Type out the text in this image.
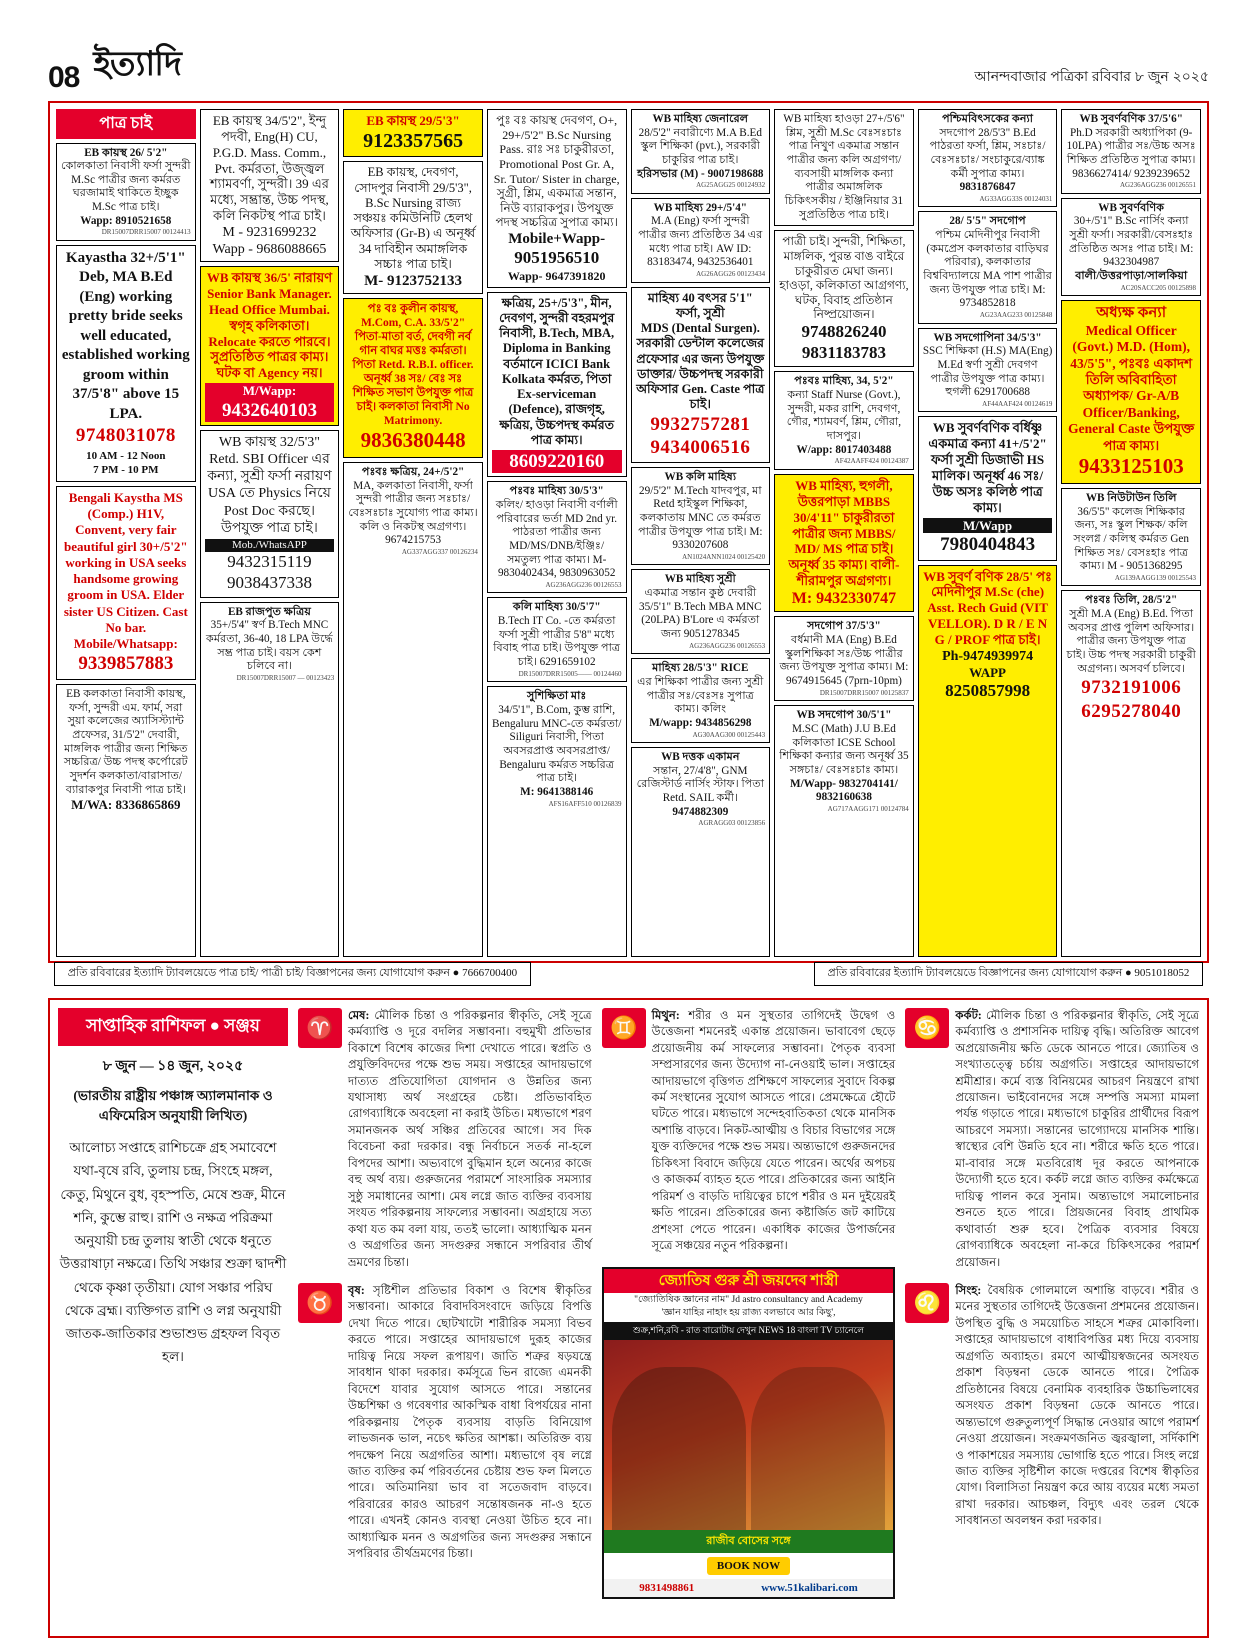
08 ইত্যাদি	আনন্দবাজার পত্রিকা রবিবার ৮ জুন ২০২৫
পাত্র চাই
EB কায়স্থ 26/ 5'2"
কোলকাতা নিবাসী ফর্সা সুন্দরী M.Sc পাত্রীর জন্য কর্মরত ঘরজামাই থাকিতে ইচ্ছুক M.Sc পাত্র চাই।
Wapp: 8910521658
DR15007DRR15007 00124413
Kayastha 32+/5'1" Deb, MA B.Ed (Eng) working pretty bride seeks well educated, established working groom within 37/5'8" above 15 LPA.
9748031078
10 AM - 12 Noon
7 PM - 10 PM
Bengali Kaystha MS (Comp.) H1V, Convent, very fair beautiful girl 30+/5'2" working in USA seeks handsome growing groom in USA. Elder sister US Citizen. Cast No bar.
Mobile/Whatsapp:
9339857883
EB কলকাতা নিবাসী কায়স্থ, ফর্সা, সুন্দরী এম. ফার্ম, সরা সুয়া কলেজের অ্যাসিস্ট্যান্ট প্রফেসর, 31/5'2" দেবারী, মাঙ্গলিক পাত্রীর জন্য শিক্ষিত সচ্চরিত্র/ উচ্চ পদস্থ কর্পোরেট সুদর্শন কলকাতা/বারাসাত/ব্যারাকপুর নিবাসী পাত্র চাই।
M/WA: 8336865869
EB কায়স্থ 34/5'2", ইন্দু পদবী, Eng(H) CU, P.G.D. Mass. Comm., Pvt. কর্মরতা, উজ্জ্বল শ্যামবর্ণা, সুন্দরী। 39 এর মধ্যে, সম্ভ্রান্ত, উচ্চ পদস্থ, কলি নিকটস্থ পাত্র চাই।
M - 9231699232
Wapp - 9686088665
WB কায়স্থ 36/5' নারায়ণ
Senior Bank Manager.
Head Office Mumbai.
স্বগৃহ কলিকাতা।
Relocate করতে পারবে।
সুপ্রতিষ্ঠিত পাত্রর কাম্য।
ঘটক বা Agency নয়।
M/Wapp:
9432640103
WB কায়স্থ 32/5'3" Retd. SBI Officer এর কন্যা, সুশ্রী ফর্সা নরায়ণ USA তে Physics নিয়ে Post Doc করছে। উপযুক্ত পাত্র চাই।
Mob./WhatsAPP
9432315119
9038437338
EB রাজপুত ক্ষত্রিয়
35+/5'4" স্বর্ণ B.Tech MNC কর্মরতা, 36-40, 18 LPA উর্দ্ধে সম্ভ্র পাত্র চাই। বয়স কেশ চলিবে না।
DR15007DRR15007 — 00123423
EB কায়স্থ 29/5'3"
9123357565
EB কায়স্থ, দেবগণ, সোদপুর নিবাসী 29/5'3", B.Sc Nursing রাজ্য সঞ্চয়ঃ কমিউনিটি হেলথ অফিসার (Gr-B) এ অনূর্ধ্ব 34 দাবিহীন অমাঙ্গলিক সচ্চাঃ পাত্র চাই।
M- 9123752133
পঃ বঃ কুলীন কায়স্থ, M.Com, C.A. 33/5'2" পিতা-মাতা বর্ত, দেবগী নর্ব গান বাঘর মত্তঃ কর্মরতা। পিতা Retd. R.B.I. officer. অনূর্ধ্ব 38 সঃ/ বেঃ সঃ শিক্ষিত সভাণ উপযুক্ত পাত্র চাই। কলকাতা নিবাসী No Matrimony.
9836380448
পঃবঃ ক্ষত্রিয়, 24+/5'2"
MA, কলকাতা নিবাসী, ফর্সা সুন্দরী পাত্রীর জন্য সঃচাঃ/ বেঃসঃচাঃ সুযোগ্য পাত্র কাম্য। কলি ও নিকটস্থ অগ্রগণ্য। 9674215753
AG337AGG337 00126234
পুঃ বঃ কায়স্থ দেবগণ, O+, 29+/5'2" B.Sc Nursing Pass. রাঃ সঃ চাকুরীরতা, Promotional Post Gr. A, Sr. Tutor/ Sister in charge, সুগ্রী, শ্লিম, একমাত্র সন্তান, নিউ ব্যারাকপুর। উপযুক্ত পদস্থ সচ্চরিত্র সুপাত্র কাম্য।
Mobile+Wapp-
9051956510
Wapp- 9647391820
ক্ষত্রিয়, 25+/5'3", মীন, দেবগণ, সুন্দরী বহরমপুর নিবাসী, B.Tech, MBA, Diploma in Banking বর্তমানে ICICI Bank Kolkata কর্মরত, পিতা Ex-serviceman (Defence), রাজগৃহ, ক্ষত্রিয়, উচ্চপদস্থ কর্মরত পাত্র কাম্য।
8609220160
পঃবঃ মাহিষ্য 30/5'3"
কলিং/ হাওড়া নিবাসী বর্ণালী পরিবারের ভর্তা MD 2nd yr. পাঠরতা পাত্রীর জন্য MD/MS/DNB/ইঞ্জিঃ/ সমতুল্য পাত্র কাম্য। M-9830402434, 9830963052
AG236AGG236 00126553
কলি মাহিষ্য 30/5'7"
B.Tech IT Co. -তে কর্মরতা ফর্সা সুশ্রী পাত্রীর 5'8" মধ্যে বিবাহ পাত্র চাই। উপযুক্ত পাত্র চাই। 6291659102
DR15007DRR15005—— 00124460
সুশিক্ষিতা মাঃ
34/5'1", B.Com, কুম্ভ রাশি, Bengaluru MNC-তে কর্মরতা/ Siliguri নিবাসী, পিতা অবসরপ্রাপ্ত অবসরপ্রাপ্ত/ Bengaluru কর্মরত সচ্চরিত্র পাত্র চাই।
M: 9641388146
AFS16AFF510 00126839
WB মাহিষ্য জেনারেল
28/5'2" নবারীণ্যে M.A B.Ed স্কুল শিক্ষিকা (pvt.), সরকারী চাকুরির পাত্র চাই।
হরিসভার (M) - 9007198688
AG25AGG25 00124932
WB মাহিষ্য 29+/5'4"
M.A (Eng) ফর্সা সুন্দরী পাত্রীর জন্য প্রতিষ্ঠিত 34 এর মধ্যে পাত্র চাই। AW ID: 83183474, 9432536401
AG26AGG26 00123434
মাহিষ্য 40 বৎসর 5'1" ফর্সা, সুশ্রী
MDS (Dental Surgen). সরকারী ডেন্টাল কলেজের প্রফেসার এর জন্য উপযুক্ত ডাক্তার/ উচ্চপদস্থ সরকারী অফিসার Gen. Caste পাত্র চাই।
9932757281
9434006516
WB কলি মাহিষ্য
29/5'2" M.Tech যাদবপুর, মা Retd হাইস্কুল শিক্ষিকা, কলকাতায় MNC তে কর্মরত পাত্রীর উপযুক্ত পাত্র চাই। M: 9330207608
AN1024ANN1024 00125420
WB মাহিষ্য সুশ্রী
একমাত্র সন্তান কুষ্ঠ দেবারী 35/5'1" B.Tech MBA MNC (20LPA) B'Lore এ কর্মরতা জন্য 9051278345
AG236AGG236 00126553
মাহিষ্য 28/5'3" RICE
এর শিক্ষিকা পাত্রীর জন্য সুশ্রী পাত্রীর সঃ/বেঃসঃ সুপাত্র কাম্য। কলিং
M/wapp: 9434856298
AG30AAG300 00125443
WB দত্তক একামন
সন্তান, 27/4'8", GNM রেজিস্টার্ড নার্সিং স্টাফ। পিতা Retd. SAIL কর্মী।
9474882309
AGRAGG03 00123856
WB মাহিষ্য হাওড়া 27+/5'6" শ্লিম, সুশ্রী M.Sc বেঃসঃচাঃ পাত্র নিখুণ একমাত্র সন্তান পাত্রীর জন্য কলি অগ্রগণ্য/ ব্যবসায়ী মাঙ্গলিক কন্যা পাত্রীর অমাঙ্গলিক চিকিৎসকীয় / ইঞ্জিনিয়ার 31 সুপ্রতিষ্ঠিত পাত্র চাই।
পাত্রী চাই। সুন্দরী, শিক্ষিতা, মাঙ্গলিক, পুরন্ত বাঙ বাইরে চাকুরীরত মেঘা জন্য। হাওড়া, কলিকাতা আগ্রগণ্য, ঘটক, বিবাহ প্রতিষ্ঠান নিষ্প্রয়োজন।
9748826240
9831183783
পঃবঃ মাহিষ্য, 34, 5'2"
কন্যা Staff Nurse (Govt.), সুন্দরী, মকর রাশি, দেবগণ, গৌর, শ্যামবর্ণ, শ্লিম, গৌরা, দাসপুর।
W/app: 8017403488
AF42AAFF424 00124387
WB মাহিষ্য, হুগলী, উত্তরপাড়া MBBS 30/4'11" চাকুরীরতা পাত্রীর জন্য MBBS/ MD/ MS পাত্র চাই। অনূর্ধ্ব 35 কাম্য। বালী-শীরামপুর অগ্রগণ্য।
M: 9432330747
সদগোপ 37/5'3"
বর্ধমানী MA (Eng) B.Ed স্কুলশিক্ষিকা সঃ/উচ্চ পাত্রীর জন্য উপযুক্ত সুপাত্র কাম্য। M: 9674915645 (7prn-10pm)
DR15007DRR15007 00125837
WB সদগোপ 30/5'1"
M.SC (Math) J.U B.Ed কলিকাতা ICSE School শিক্ষিকা কন্যার জন্য অনূর্ধ্ব 35 সঙ্গচাঃ/ বেঃসঃচাঃ কাম্য।
M/Wapp- 9832704141/ 9832160638
AG717AAGG171 00124784
পশ্চিমবিৎসকের কন্যা
সদগোপ 28/5'3" B.Ed পাঠরতা ফর্সা, শ্লিম, সঃচাঃ/বেঃসঃচাঃ/ সংচাকুরে/ব্যাঙ্ক কর্মী সুপাত্র কাম্য।
9831876847
AG33AGG33S 00124031
28/ 5'5" সদগোপ
পশ্চিম মেদিনীপুর নিবাসী (কমপ্রেস কলকাতার বাড়িঘর পরিবার), কলকাতার বিশ্ববিদ্যালয়ে MA পাশ পাত্রীর জন্য উপযুক্ত পাত্র চাই। M: 9734852818
AG23AAG233 00125848
WB সদগোপিনা 34/5'3"
SSC শিক্ষিকা (H.S) MA(Eng) M.Ed স্বর্ণা সুশ্রী দেবগণ পাত্রীর উপযুক্ত পাত্র কাম্য। হুগলী 6291700688
AF44AAF424 00124619
WB সুবর্ণবণিক বর্ধিষ্ণু একমাত্র কন্যা 41+/5'2" ফর্সা সুশ্রী ডিজাভী HS মালিক। অনূর্ধ্ব 46 সঃ/উচ্চ অসঃ কলিষ্ঠ পাত্র কাম্য।
M/Wapp
7980404843
WB সুবর্ণ বণিক 28/5' পঃ মেদিনীপুর M.Sc (che) Asst. Rech Guid (VIT VELLOR). D R / E N G / PROF পাত্র চাই।
Ph-9474939974
WAPP
8250857998
WB সুবর্ণবণিক 37/5'6"
Ph.D সরকারী অধ্যাপিকা (9-10LPA) পাত্রীর সঃ/উচ্চ অসঃ শিক্ষিত প্রতিষ্ঠিত সুপাত্র কাম্য। 9836627414/ 9239239652
AG236AGG236 00126551
WB সুবর্ণবণিক
30+/5'1" B.Sc নার্সিং কন্যা সুশ্রী ফর্সা। সরকারী/বেসঃহাঃ প্রতিষ্ঠিত অসঃ পাত্র চাই। M: 9432304987
বালী/উত্তরপাড়া/সালকিয়া
AC20SACC205 00125898
অধ্যক্ষ কন্যা
Medical Officer (Govt.) M.D. (Hom), 43/5'5", পঃবঃ একাদশ তিলি অবিবাহিতা অধ্যাপক/ Gr-A/B Officer/Banking, General Caste উপযুক্ত পাত্র কাম্য।
9433125103
WB নিউটাউন তিলি
36/5'5" কলেজ শিক্ষিকার জন্য, সঃ স্কুল শিক্ষক/ কলি সংলগ্ন / কলিস্থ কর্মরত Gen শিক্ষিত সঃ/ বেসঃহাঃ পাত্র কাম্য। M - 9051368295
AG139AAGG139 00125543
পঃবঃ তিলি, 28/5'2"
সুশ্রী M.A (Eng) B.Ed. পিতা অবসর প্রাপ্ত পুলিশ অফিসার। পাত্রীর জন্য উপযুক্ত পাত্র চাই। উচ্চ পদস্থ সরকারী চাকুরী অগ্রগন্য। অসবর্ণ চলিবে।
9732191006
6295278040
প্রতি রবিবারের ইত্যাদি ট্যাবলয়েডে পাত্র চাই/ পাত্রী চাই/ বিজ্ঞাপনের জন্য যোগাযোগ করুন ● 7666700400	প্রতি রবিবারের ইত্যাদি ট্যাবলয়েডে বিজ্ঞাপনের জন্য যোগাযোগ করুন ● 9051018052
সাপ্তাহিক রাশিফল ● সঞ্জয়
৮ জুন — ১৪ জুন, ২০২৫
(ভারতীয় রাষ্ট্রীয় পঞ্চাঙ্গ অ্যালমানাক ও এফিমেরিস অনুযায়ী লিখিত)
আলোচ্য সপ্তাহে রাশিচক্রে গ্রহ সমাবেশে যথা-বৃষে রবি, তুলায় চন্দ্র, সিংহে মঙ্গল, কেতু, মিথুনে বুধ, বৃহস্পতি, মেষে শুক্র, মীনে শনি, কুম্ভে রাহু। রাশি ও নক্ষত্র পরিক্রমা অনুযায়ী চন্দ্র তুলায় স্বাতী থেকে ধনুতে উত্তরাষাঢ়া নক্ষত্রে। তিথি সঞ্চার শুক্রা দ্বাদশী থেকে কৃষ্ণা তৃতীয়া। যোগ সঞ্চার পরিঘ থেকে ব্রহ্ম। ব্যক্তিগত রাশি ও লগ্ন অনুযায়ী জাতক-জাতিকার শুভাশুভ গ্রহফল বিবৃত হল।
♈	মেষ: মৌলিক চিন্তা ও পরিকল্পনার স্বীকৃতি, সেই সূত্রে কর্মব্যাপ্তি ও দূরে বদলির সম্ভাবনা। বহুমুখী প্রতিভার বিকাশে বিশেষ কাজের দিশা দেখাতে পারে। স্বপ্রতি ও প্রযুক্তিবিদদের পক্ষে শুভ সময়। সপ্তাহের আদায়ভাগে দাত্যত প্রতিযোগিতা যোগদান ও উন্নতির জন্য যথাসাধ্য অর্থ সংগ্রহের চেষ্টা। প্রতিভাবহিত রোগব্যাধিকে অবহেলা না করাই উচিত। মধ্যভাগে শরণ সমানজনক অর্থ সঞ্চির প্রতিবের আগে। সব দিক বিবেচনা করা দরকার। বন্ধু নির্বাচনে সতর্ক না-হলে বিপদের আশা। অভ্যবাগে বুদ্ধিমান হলে অন্যের কাজে বহু অর্থ ব্যয়। গুরুজনের পরামর্শে সাংসারিক সমস্যার সুষ্ঠু সমাধানের আশা। মেষ লগ্নে জাত ব্যক্তির ব্যবসায় সংযত পরিকল্পনায় সাফল্যের সম্ভাবনা। অগ্রহায়ে সত্য কথা যত কম বলা যায়, ততই ভালো। আধ্যাত্মিক মনন ও অগ্রগতির জন্য সদগুরুর সন্ধানে সপরিবার তীর্থ ভ্রমণের চিন্তা।
♉	বৃষ: সৃষ্টিশীল প্রতিভার বিকাশ ও বিশেষ স্বীকৃতির সম্ভাবনা। আকারে বিবাদবিসংবাদে জড়িয়ে বিপত্তি দেখা দিতে পারে। ছোটখাটো শারীরিক সমস্যা বিভব করতে পারে। সপ্তাহের আদায়ভাগে দুরূহ কাজের দায়িত্ব নিয়ে সফল রূপায়ণ। জাতি শত্রুর ষড়যন্ত্রে সাবধান থাকা দরকার। কর্মসূত্রে ভিন রাজ্যে এমনকী বিদেশে যাবার সুযোগ আসতে পারে। সন্তানের উচ্চশিক্ষা ও গবেষণার আকস্মিক বাধা বিপর্যয়ের নানা পরিকল্পনায় পৈতৃক ব্যবসায় বাড়তি বিনিয়োগ লাভজনক ভাল, নচেৎ ক্ষতির আশঙ্কা। অতিরিক্ত ব্যয় পদক্ষেপ নিয়ে অগ্রগতির আশা। মধ্যভাগে বৃষ লগ্নে জাত ব্যক্তির কর্ম পরিবর্তনের চেষ্টায় শুভ ফল মিলতে পারে। অতিমানিয়া ভাব বা সতেজবাদ বাড়বে। পরিবারের কারও আচরণ সন্তোষজনক না-ও হতে পারে। এখনই কোনও ব্যবস্থা নেওয়া উচিত হবে না। আধ্যাত্মিক মনন ও অগ্রগতির জন্য সদগুরুর সন্ধানে সপরিবার তীর্থভ্রমণের চিন্তা।
♊	মিথুন: শরীর ও মন সুস্থতার তাগিদেই উদ্বেগ ও উত্তেজনা শমনেরই একান্ত প্রয়োজন। ভাবাবেগ ছেড়ে প্রয়োজনীয় কর্ম সাফল্যের সম্ভাবনা। পৈতৃক ব্যবসা সম্প্রসারণের জন্য উদ্যোগ না-নেওয়াই ভাল। সপ্তাহের আদায়ভাগে বৃত্তিগত প্রশিক্ষণে সাফল্যের সুবাদে বিকল্প কর্ম সংস্থানের সুযোগ আসতে পারে। প্রেমক্ষেত্রে হৌটে ঘটতে পারে। মধ্যভাগে সন্দেহবাতিকতা থেকে মানসিক অশান্তি বাড়বে। নিকট-আত্মীয় ও বিচার বিভাগের সঙ্গে যুক্ত ব্যক্তিদের পক্ষে শুভ সময়। অন্ত্যভাগে গুরুজনদের চিকিৎসা বিবাদে জড়িয়ে যেতে পারেন। অর্থের অপচয় ও কাজকর্ম ব্যাহত হতে পারে। প্রতিকারের জন্য আইনি পরিমর্শ ও বাড়তি দায়িত্বের চাপে শরীর ও মন দুইয়েরই ক্ষতি পারেন। প্রতিকারের জন্য কষ্টার্জিত জট কাটিয়ে প্রশংসা পেতে পারেন। একাধিক কাজের উপার্জনের সূত্রে সঞ্চয়ের নতুন পরিকল্পনা।
জ্যোতিষ গুরু শ্রী জয়দেব শাস্ত্রী
"জ্যোতিষিক জ্ঞানের নাম" Jd astro consultancy and Academy
'জ্ঞান যাহির নাহাং হয় রাজ্য বলভাবে আর কিছু',
শুক্র,শনি,রবি - রাত বারোটায় দেখুন NEWS 18 বাংলা TV চ্যানেলে
রাজীব বোসের সঙ্গে
BOOK NOW
9831498861	www.51kalibari.com
♋	কর্কট: মৌলিক চিন্তা ও পরিকল্পনার স্বীকৃতি, সেই সূত্রে কর্মব্যাপ্তি ও প্রশাসনিক দায়িত্ব বৃদ্ধি। অতিরিক্ত আবেগ অপ্রয়োজনীয় ক্ষতি ডেকে আনতে পারে। জ্যোতিষ ও সংখ্যাতত্ত্বে চর্চায় অগ্রগতি। সপ্তাহের আদায়ভাগে শ্রমীশ্রার। কর্মে ব্যস্ত বিনিয়মের আচরণ নিয়ন্ত্রণে রাখা প্রয়োজন। ভাইবোনদের সঙ্গে সম্পত্তি সমস্যা মামলা পর্যন্ত গড়াতে পারে। মধ্যভাগে চাকুরির প্রার্থীদের বিরূপ আচরণে সমস্যা। সন্তানের ভাগ্যোদয়ে মানসিক শান্তি। স্বাস্থ্যের বেশি উন্নতি হবে না। শরীরে ক্ষতি হতে পারে। মা-বাবার সঙ্গে মতবিরোধ দূর করতে আপনাকে উদ্যোগী হতে হবে। কর্কট লগ্নে জাত ব্যক্তির কর্মক্ষেত্রে দায়িত্ব পালন করে সুনাম। অন্ত্যভাগে সমালোচনার শুনতে হতে পারে। প্রিয়জনের বিবাহ প্রাথমিক কথাবার্তা শুরু হবে। পৈত্রিক ব্যবসার বিষয়ে রোগব্যাধিকে অবহেলা না-করে চিকিৎসকের পরামর্শ প্রয়োজন।
♌	সিংহ: বৈষয়িক গোলমালে অশান্তি বাড়বে। শরীর ও মনের সুস্থতার তাগিদেই উত্তেজনা প্রশমনের প্রয়োজন। উপস্থিত বুদ্ধি ও সময়োচিত সাহসে শত্রুর মোকাবিলা। সপ্তাহের আদায়ভাগে বাধাবিপত্তির মধ্য দিয়ে ব্যবসায় অগ্রগতি অব্যাহত। রমণে আত্মীয়স্বজনের অসংযত প্রকাশ বিড়ম্বনা ডেকে আনতে পারে। পৈত্রিক প্রতিষ্ঠানের বিষয়ে বেনামিক ব্যবহারিক উচ্চাভিলাষের অসংযত প্রকাশ বিড়ম্বনা ডেকে আনতে পারে। অন্ত্যভাগে গুরুতুল্যপূর্ণ সিদ্ধান্ত নেওয়ার আগে পরামর্শ নেওয়া প্রয়োজন। সংক্রমণজনিত জ্বরজ্বালা, সর্দিকাশি ও পাকাশয়ের সমস্যায় ভোগান্তি হতে পারে। সিংহ লগ্নে জাত ব্যক্তির সৃষ্টিশীল কাজে দপ্তরের বিশেষ স্বীকৃতির যোগ। বিলাসিতা নিয়ন্ত্রণ করে আয় ব্যয়ের মধ্যে সমতা রাখা দরকার। আচঞ্চল, বিদ্যুৎ এবং তরল থেকে সাবধানতা অবলম্বন করা দরকার।
